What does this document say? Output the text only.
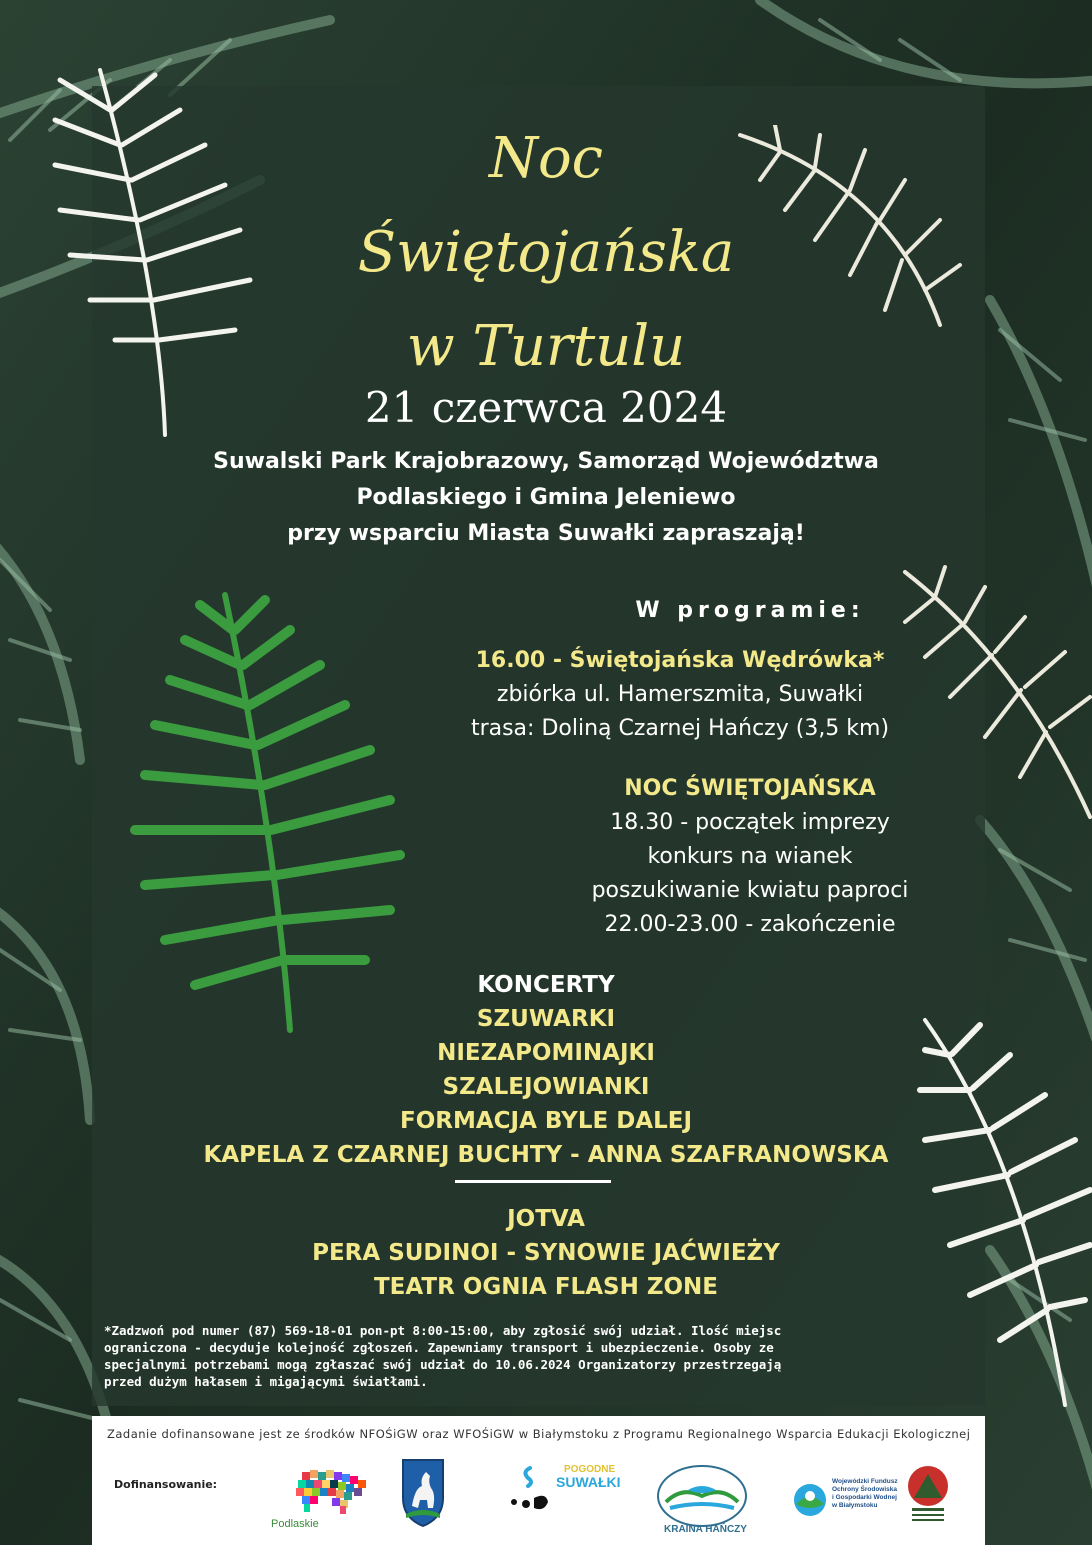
Noc
Świętojańska
w Turtulu
21 czerwca 2024
Suwalski Park Krajobrazowy, Samorząd Województwa
Podlaskiego i Gmina Jeleniewo
przy wsparciu Miasta Suwałki zapraszają!
W programie:
16.00 - Świętojańska Wędrówka*
zbiórka ul. Hamerszmita, Suwałki
trasa: Doliną Czarnej Hańczy (3,5 km)
NOC ŚWIĘTOJAŃSKA
18.30 - początek imprezy
konkurs na wianek
poszukiwanie kwiatu paproci
22.00-23.00 - zakończenie
KONCERTY
SZUWARKI
NIEZAPOMINAJKI
SZALEJOWIANKI
FORMACJA BYLE DALEJ
KAPELA Z CZARNEJ BUCHTY - ANNA SZAFRANOWSKA
JOTVA
PERA SUDINOI - SYNOWIE JAĆWIEŻY
TEATR OGNIA FLASH ZONE
*Zadzwoń pod numer (87) 569-18-01 pon-pt 8:00-15:00, aby zgłosić swój udział. Ilość miejsc
ograniczona - decyduje kolejność zgłoszeń. Zapewniamy transport i ubezpieczenie. Osoby ze
specjalnymi potrzebami mogą zgłaszać swój udział do 10.06.2024 Organizatorzy przestrzegają
przed dużym hałasem i migającymi światłami.
Zadanie dofinansowane jest ze środków NFOŚiGW oraz WFOŚiGW w Białymstoku z Programu Regionalnego Wsparcia Edukacji Ekologicznej
Dofinansowanie:
Podlaskie
POGODNE
SUWAŁKI
KRAINA HAŃCZY
Wojewódzki Fundusz
Ochrony Środowiska
i Gospodarki Wodnej
w Białymstoku
